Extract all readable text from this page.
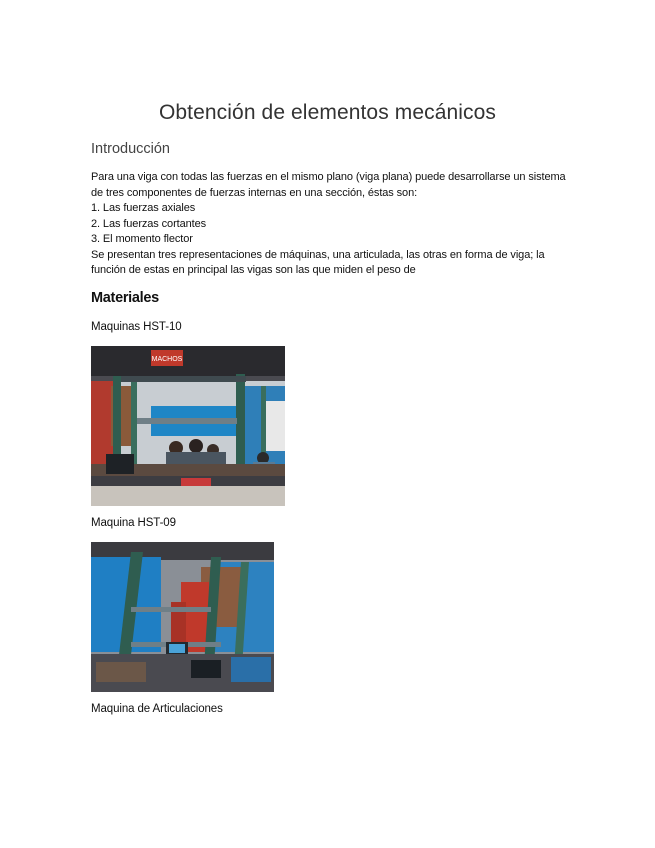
Obtención de elementos mecánicos
Introducción

Para una viga con todas las fuerzas en el mismo plano (viga plana) puede desarrollarse un sistema de tres componentes de fuerzas internas en una sección, éstas son:

1. Las fuerzas axiales
2. Las fuerzas cortantes
3. El momento flector

Se presentan tres representaciones de máquinas, una articulada, las otras en forma de viga; la función de estas en principal las vigas son las que miden el peso de

Materiales
Maquinas HST-10
MACHOS
Maquina HST-09
Maquina de Articulaciones
